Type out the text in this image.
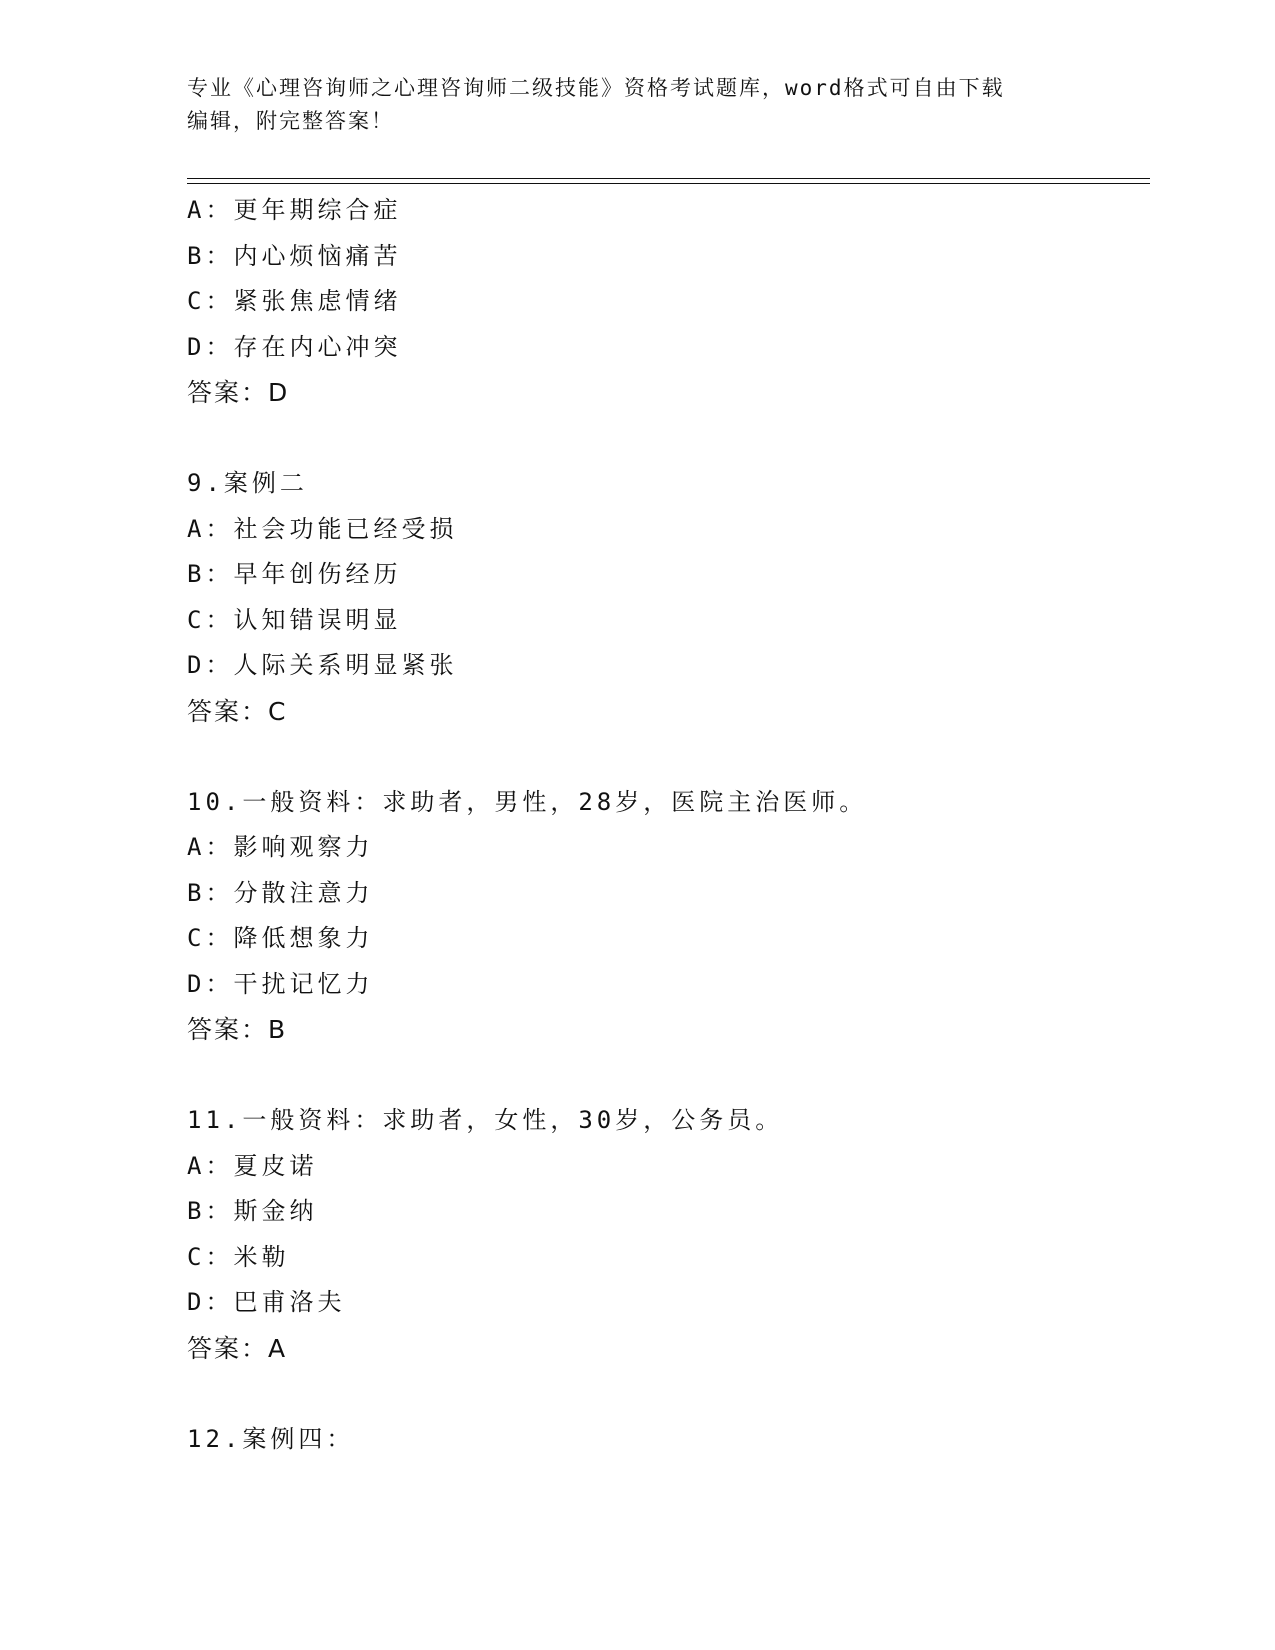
专业《心理咨询师之心理咨询师二级技能》资格考试题库，word格式可自由下载
编辑，附完整答案！
A：更年期综合症
B：内心烦恼痛苦
C：紧张焦虑情绪
D：存在内心冲突
答案：D
9.案例二
A：社会功能已经受损
B：早年创伤经历
C：认知错误明显
D：人际关系明显紧张
答案：C
10.一般资料：求助者，男性，28岁，医院主治医师。
A：影响观察力
B：分散注意力
C：降低想象力
D：干扰记忆力
答案：B
11.一般资料：求助者，女性，30岁，公务员。
A：夏皮诺
B：斯金纳
C：米勒
D：巴甫洛夫
答案：A
12.案例四：
